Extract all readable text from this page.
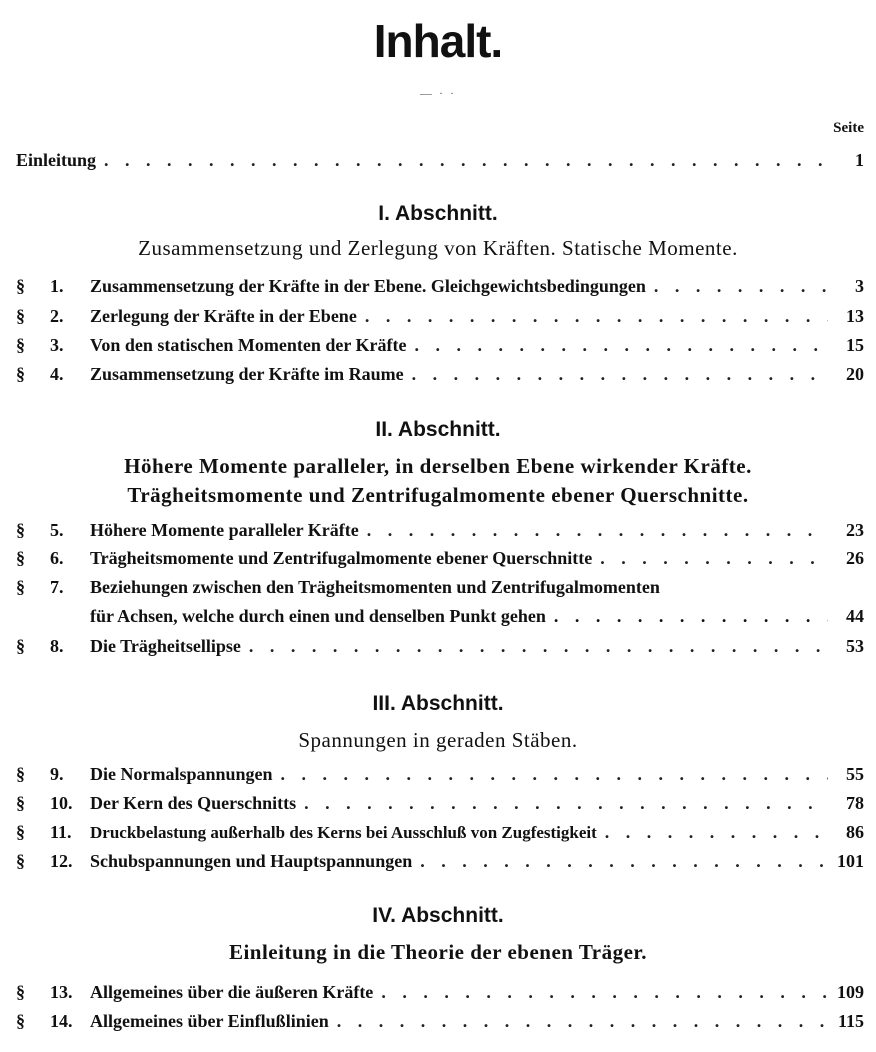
Inhalt.
— · ·
Seite
Einleitung . . .	1
I. Abschnitt.
Zusammensetzung und Zerlegung von Kräften. Statische Momente.
§	1.	Zusammensetzung der Kräfte in der Ebene. Gleichgewichtsbedingungen . . .	3
§	2.	Zerlegung der Kräfte in der Ebene . . .	13
§	3.	Von den statischen Momenten der Kräfte . . .	15
§	4.	Zusammensetzung der Kräfte im Raume . . .	20
II. Abschnitt.
Höhere Momente paralleler, in derselben Ebene wirkender Kräfte.
Trägheitsmomente und Zentrifugalmomente ebener Querschnitte.
§	5.	Höhere Momente paralleler Kräfte . . .	23
§	6.	Trägheitsmomente und Zentrifugalmomente ebener Querschnitte . . .	26
§	7.	Beziehungen zwischen den Trägheitsmomenten und Zentrifugalmomenten
für Achsen, welche durch einen und denselben Punkt gehen . . .	44
§	8.	Die Trägheitsellipse . . .	53
III. Abschnitt.
Spannungen in geraden Stäben.
§	9.	Die Normalspannungen . . .	55
§	10. Der Kern des Querschnitts . . .	78
§	11.	Druckbelastung außerhalb des Kerns bei Ausschluß von Zugfestigkeit . . .	86
§	12. Schubspannungen und Hauptspannungen . . .	101
IV. Abschnitt.
Einleitung in die Theorie der ebenen Träger.
§	13. Allgemeines über die äußeren Kräfte . . .	109
§	14. Allgemeines über Einflußlinien . . .	115
